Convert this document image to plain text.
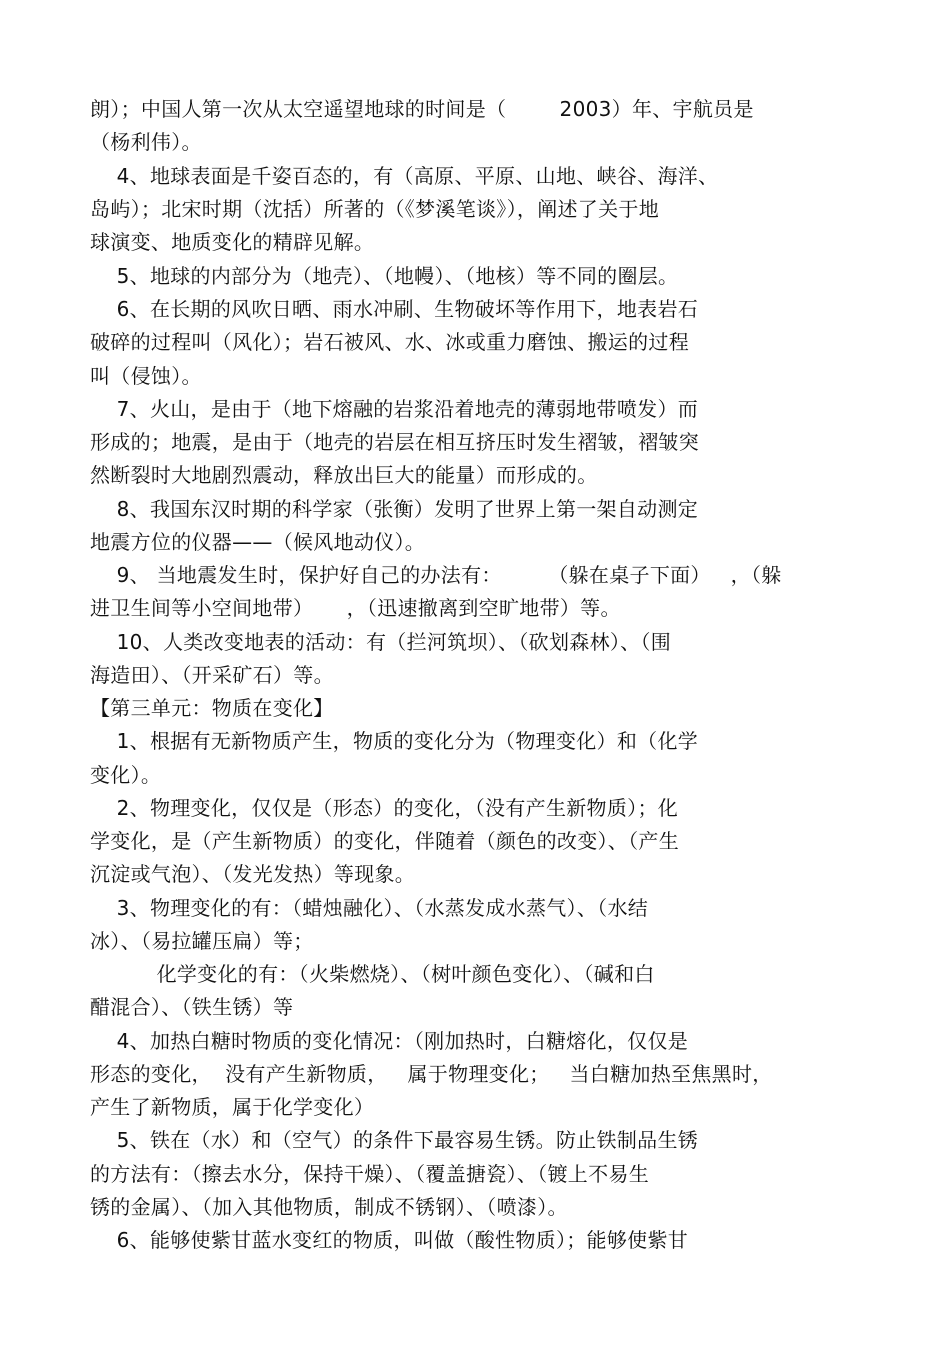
朗）；中国人第一次从太空遥望地球的时间是（        2003）年、宇航员是
（杨利伟）。
4、地球表面是千姿百态的，有（高原、平原、山地、峡谷、海洋、
岛屿）；北宋时期（沈括）所著的（《梦溪笔谈》），阐述了关于地
球演变、地质变化的精辟见解。
5、地球的内部分为（地壳）、（地幔）、（地核）等不同的圈层。
6、在长期的风吹日晒、雨水冲刷、生物破坏等作用下，地表岩石
破碎的过程叫（风化）；岩石被风、水、冰或重力磨蚀、搬运的过程
叫（侵蚀）。
7、火山，是由于（地下熔融的岩浆沿着地壳的薄弱地带喷发）而
形成的；地震，是由于（地壳的岩层在相互挤压时发生褶皱，褶皱突
然断裂时大地剧烈震动，释放出巨大的能量）而形成的。
8、我国东汉时期的科学家（张衡）发明了世界上第一架自动测定
地震方位的仪器——（候风地动仪）。
9、 当地震发生时，保护好自己的办法有：       （躲在桌子下面）   ，（躲
进卫生间等小空间地带）     ，（迅速撤离到空旷地带）等。
10、人类改变地表的活动：有（拦河筑坝）、（砍划森林）、（围
海造田）、（开采矿石）等。
【第三单元：物质在变化】
1、根据有无新物质产生，物质的变化分为（物理变化）和（化学
变化）。
2、物理变化，仅仅是（形态）的变化，（没有产生新物质）；化
学变化，是（产生新物质）的变化，伴随着（颜色的改变）、（产生
沉淀或气泡）、（发光发热）等现象。
3、物理变化的有：（蜡烛融化）、（水蒸发成水蒸气）、（水结
冰）、（易拉罐压扁）等；
化学变化的有：（火柴燃烧）、（树叶颜色变化）、（碱和白
醋混合）、（铁生锈）等
4、加热白糖时物质的变化情况：（刚加热时，白糖熔化，仅仅是
形态的变化，  没有产生新物质，   属于物理变化；   当白糖加热至焦黑时，
产生了新物质，属于化学变化）
5、铁在（水）和（空气）的条件下最容易生锈。防止铁制品生锈
的方法有：（擦去水分，保持干燥）、（覆盖搪瓷）、（镀上不易生
锈的金属）、（加入其他物质，制成不锈钢）、（喷漆）。
6、能够使紫甘蓝水变红的物质，叫做（酸性物质）；能够使紫甘
